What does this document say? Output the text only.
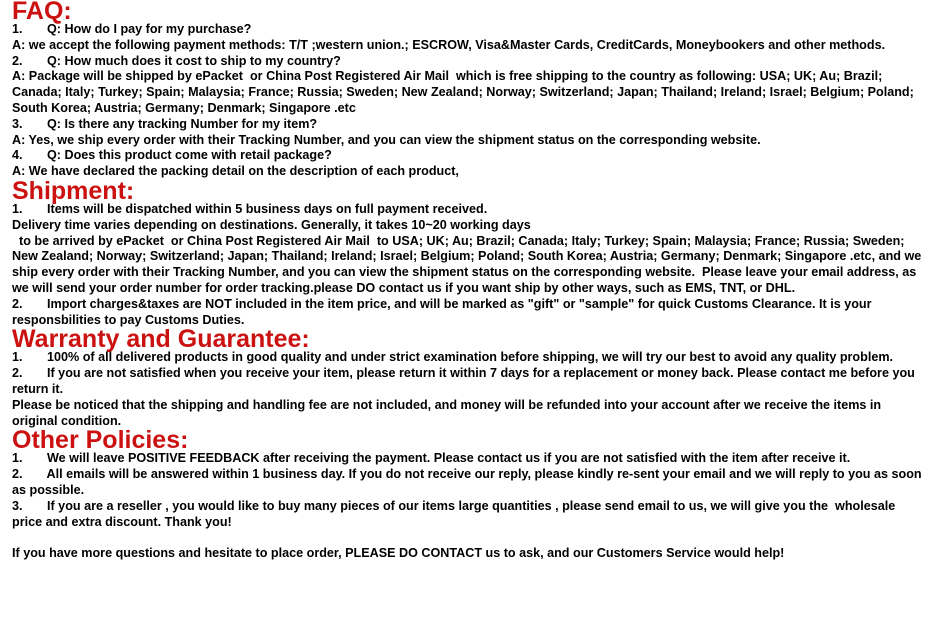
FAQ:

1.       Q: How do I pay for my purchase?

A: we accept the following payment methods: T/T ;western union.; ESCROW, Visa&Master Cards, CreditCards, Moneybookers and other methods.

2.       Q: How much does it cost to ship to my country?

A: Package will be shipped by ePacket  or China Post Registered Air Mail  which is free shipping to the country as following: USA; UK; Au; Brazil; Canada; Italy; Turkey; Spain; Malaysia; France; Russia; Sweden; New Zealand; Norway; Switzerland; Japan; Thailand; Ireland; Israel; Belgium; Poland; South Korea; Austria; Germany; Denmark; Singapore .etc

3.       Q: Is there any tracking Number for my item?

A: Yes, we ship every order with their Tracking Number, and you can view the shipment status on the corresponding website.

4.       Q: Does this product come with retail package?

A: We have declared the packing detail on the description of each product,

Shipment:

1.       Items will be dispatched within 5 business days on full payment received.

Delivery time varies depending on destinations. Generally, it takes 10~20 working days

to be arrived by ePacket  or China Post Registered Air Mail  to USA; UK; Au; Brazil; Canada; Italy; Turkey; Spain; Malaysia; France; Russia; Sweden; New Zealand; Norway; Switzerland; Japan; Thailand; Ireland; Israel; Belgium; Poland; South Korea; Austria; Germany; Denmark; Singapore .etc, and we ship every order with their Tracking Number, and you can view the shipment status on the corresponding website.  Please leave your email address, as we will send your order number for order tracking.please DO contact us if you want ship by other ways, such as EMS, TNT, or DHL.

2.       Import charges&taxes are NOT included in the item price, and will be marked as "gift" or "sample" for quick Customs Clearance. It is your responsbilities to pay Customs Duties.

Warranty and Guarantee:

1.       100% of all delivered products in good quality and under strict examination before shipping, we will try our best to avoid any quality problem.

2.       If you are not satisfied when you receive your item, please return it within 7 days for a replacement or money back. Please contact me before you return it.

Please be noticed that the shipping and handling fee are not included, and money will be refunded into your account after we receive the items in original condition.

Other Policies:

1.       We will leave POSITIVE FEEDBACK after receiving the payment. Please contact us if you are not satisfied with the item after receive it.

2.       All emails will be answered within 1 business day. If you do not receive our reply, please kindly re-sent your email and we will reply to you as soon as possible.

3.       If you are a reseller , you would like to buy many pieces of our items large quantities , please send email to us, we will give you the  wholesale price and extra discount. Thank you!

If you have more questions and hesitate to place order, PLEASE DO CONTACT us to ask, and our Customers Service would help!
